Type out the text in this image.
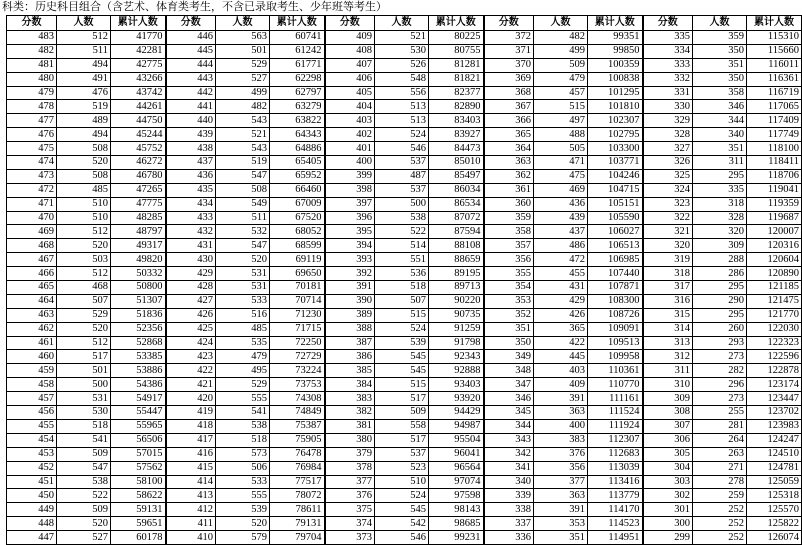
科类：历史科目组合（含艺术、体育类考生，不含已录取考生、少年班等考生）
分数	人数	累计人数	分数	人数	累计人数	分数	人数	累计人数	分数	人数	累计人数	分数	人数	累计人数
483	512	41770	446	563	60741	409	521	80225	372	482	99351	335	359	115310
482	511	42281	445	501	61242	408	530	80755	371	499	99850	334	350	115660
481	494	42775	444	529	61771	407	526	81281	370	509	100359	333	351	116011
480	491	43266	443	527	62298	406	548	81821	369	479	100838	332	350	116361
479	476	43742	442	499	62797	405	556	82377	368	457	101295	331	358	116719
478	519	44261	441	482	63279	404	513	82890	367	515	101810	330	346	117065
477	489	44750	440	543	63822	403	513	83403	366	497	102307	329	344	117409
476	494	45244	439	521	64343	402	524	83927	365	488	102795	328	340	117749
475	508	45752	438	543	64886	401	546	84473	364	505	103300	327	351	118100
474	520	46272	437	519	65405	400	537	85010	363	471	103771	326	311	118411
473	508	46780	436	547	65952	399	487	85497	362	475	104246	325	295	118706
472	485	47265	435	508	66460	398	537	86034	361	469	104715	324	335	119041
471	510	47775	434	549	67009	397	500	86534	360	436	105151	323	318	119359
470	510	48285	433	511	67520	396	538	87072	359	439	105590	322	328	119687
469	512	48797	432	532	68052	395	522	87594	358	437	106027	321	320	120007
468	520	49317	431	547	68599	394	514	88108	357	486	106513	320	309	120316
467	503	49820	430	520	69119	393	551	88659	356	472	106985	319	288	120604
466	512	50332	429	531	69650	392	536	89195	355	455	107440	318	286	120890
465	468	50800	428	531	70181	391	518	89713	354	431	107871	317	295	121185
464	507	51307	427	533	70714	390	507	90220	353	429	108300	316	290	121475
463	529	51836	426	516	71230	389	515	90735	352	426	108726	315	295	121770
462	520	52356	425	485	71715	388	524	91259	351	365	109091	314	260	122030
461	512	52868	424	535	72250	387	539	91798	350	422	109513	313	293	122323
460	517	53385	423	479	72729	386	545	92343	349	445	109958	312	273	122596
459	501	53886	422	495	73224	385	545	92888	348	403	110361	311	282	122878
458	500	54386	421	529	73753	384	515	93403	347	409	110770	310	296	123174
457	531	54917	420	555	74308	383	517	93920	346	391	111161	309	273	123447
456	530	55447	419	541	74849	382	509	94429	345	363	111524	308	255	123702
455	518	55965	418	538	75387	381	558	94987	344	400	111924	307	281	123983
454	541	56506	417	518	75905	380	517	95504	343	383	112307	306	264	124247
453	509	57015	416	573	76478	379	537	96041	342	376	112683	305	263	124510
452	547	57562	415	506	76984	378	523	96564	341	356	113039	304	271	124781
451	538	58100	414	533	77517	377	510	97074	340	377	113416	303	278	125059
450	522	58622	413	555	78072	376	524	97598	339	363	113779	302	259	125318
449	509	59131	412	539	78611	375	545	98143	338	391	114170	301	252	125570
448	520	59651	411	520	79131	374	542	98685	337	353	114523	300	252	125822
447	527	60178	410	579	79704	373	546	99231	336	351	114951	299	252	126074
